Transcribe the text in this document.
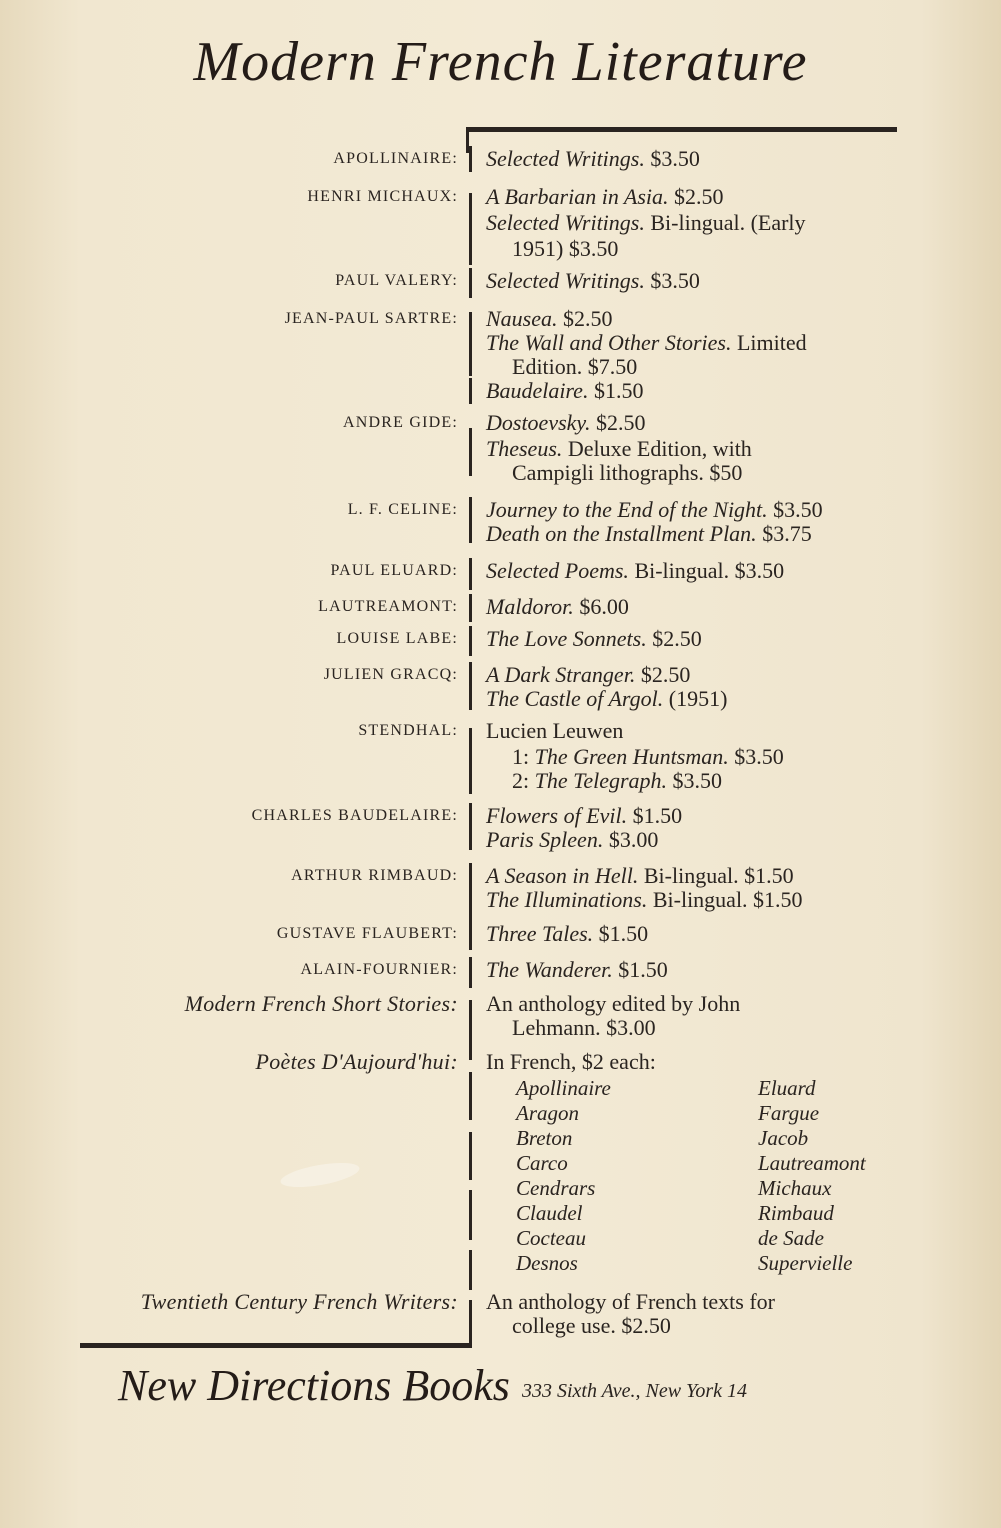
Modern French Literature
APOLLINAIRE: Selected Writings. $3.50
HENRI MICHAUX: A Barbarian in Asia. $2.50
Selected Writings. Bi-lingual. (Early
1951) $3.50
PAUL VALERY: Selected Writings. $3.50
JEAN-PAUL SARTRE: Nausea. $2.50
The Wall and Other Stories. Limited
Edition. $7.50
Baudelaire. $1.50
ANDRE GIDE: Dostoevsky. $2.50
Theseus. Deluxe Edition, with
Campigli lithographs. $50
L. F. CELINE: Journey to the End of the Night. $3.50
Death on the Installment Plan. $3.75
PAUL ELUARD: Selected Poems. Bi-lingual. $3.50
LAUTREAMONT: Maldoror. $6.00
LOUISE LABE: The Love Sonnets. $2.50
JULIEN GRACQ: A Dark Stranger. $2.50
The Castle of Argol. (1951)
STENDHAL: Lucien Leuwen
1: The Green Huntsman. $3.50
2: The Telegraph. $3.50
CHARLES BAUDELAIRE: Flowers of Evil. $1.50
Paris Spleen. $3.00
ARTHUR RIMBAUD: A Season in Hell. Bi-lingual. $1.50
The Illuminations. Bi-lingual. $1.50
GUSTAVE FLAUBERT: Three Tales. $1.50
ALAIN-FOURNIER: The Wanderer. $1.50
Modern French Short Stories: An anthology edited by John
Lehmann. $3.00
Poètes D'Aujourd'hui: In French, $2 each:
Twentieth Century French Writers: An anthology of French texts for
college use. $2.50
Apollinaire
Aragon
Breton
Carco
Cendrars
Claudel
Cocteau
Desnos
Eluard
Fargue
Jacob
Lautreamont
Michaux
Rimbaud
de Sade
Supervielle
New Directions Books 333 Sixth Ave., New York 14
